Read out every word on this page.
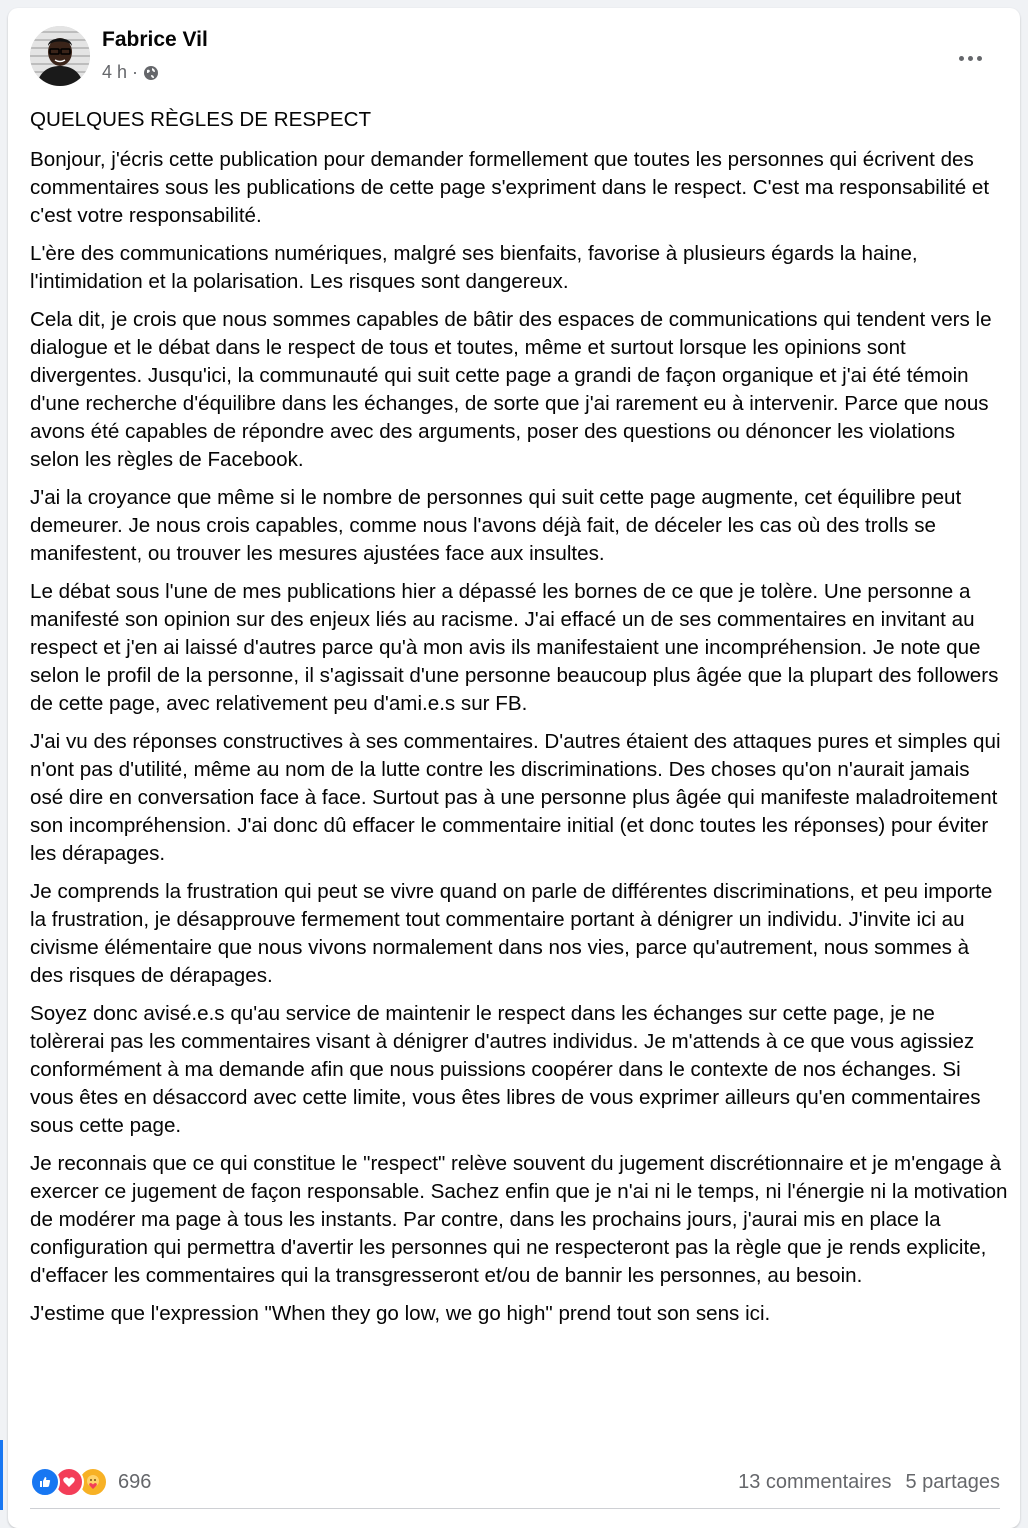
Fabrice Vil
4 h ·

QUELQUES RÈGLES DE RESPECT

Bonjour, j'écris cette publication pour demander formellement que toutes les personnes qui écrivent des commentaires sous les publications de cette page s'expriment dans le respect. C'est ma responsabilité et c'est votre responsabilité.

L'ère des communications numériques, malgré ses bienfaits, favorise à plusieurs égards la haine, l'intimidation et la polarisation. Les risques sont dangereux.

Cela dit, je crois que nous sommes capables de bâtir des espaces de communications qui tendent vers le dialogue et le débat dans le respect de tous et toutes, même et surtout lorsque les opinions sont divergentes. Jusqu'ici, la communauté qui suit cette page a grandi de façon organique et j'ai été témoin d'une recherche d'équilibre dans les échanges, de sorte que j'ai rarement eu à intervenir. Parce que nous avons été capables de répondre avec des arguments, poser des questions ou dénoncer les violations selon les règles de Facebook.

J'ai la croyance que même si le nombre de personnes qui suit cette page augmente, cet équilibre peut demeurer. Je nous crois capables, comme nous l'avons déjà fait, de déceler les cas où des trolls se manifestent, ou trouver les mesures ajustées face aux insultes.

Le débat sous l'une de mes publications hier a dépassé les bornes de ce que je tolère. Une personne a manifesté son opinion sur des enjeux liés au racisme. J'ai effacé un de ses commentaires en invitant au respect et j'en ai laissé d'autres parce qu'à mon avis ils manifestaient une incompréhension. Je note que selon le profil de la personne, il s'agissait d'une personne beaucoup plus âgée que la plupart des followers de cette page, avec relativement peu d'ami.e.s sur FB.

J'ai vu des réponses constructives à ses commentaires. D'autres étaient des attaques pures et simples qui n'ont pas d'utilité, même au nom de la lutte contre les discriminations. Des choses qu'on n'aurait jamais osé dire en conversation face à face. Surtout pas à une personne plus âgée qui manifeste maladroitement son incompréhension. J'ai donc dû effacer le commentaire initial (et donc toutes les réponses) pour éviter les dérapages.

Je comprends la frustration qui peut se vivre quand on parle de différentes discriminations, et peu importe la frustration, je désapprouve fermement tout commentaire portant à dénigrer un individu. J'invite ici au civisme élémentaire que nous vivons normalement dans nos vies, parce qu'autrement, nous sommes à des risques de dérapages.

Soyez donc avisé.e.s qu'au service de maintenir le respect dans les échanges sur cette page, je ne tolèrerai pas les commentaires visant à dénigrer d'autres individus. Je m'attends à ce que vous agissiez conformément à ma demande afin que nous puissions coopérer dans le contexte de nos échanges. Si vous êtes en désaccord avec cette limite, vous êtes libres de vous exprimer ailleurs qu'en commentaires sous cette page.

Je reconnais que ce qui constitue le "respect" relève souvent du jugement discrétionnaire et je m'engage à exercer ce jugement de façon responsable. Sachez enfin que je n'ai ni le temps, ni l'énergie ni la motivation de modérer ma page à tous les instants. Par contre, dans les prochains jours, j'aurai mis en place la configuration qui permettra d'avertir les personnes qui ne respecteront pas la règle que je rends explicite, d'effacer les commentaires qui la transgresseront et/ou de bannir les personnes, au besoin.

J'estime que l'expression "When they go low, we go high" prend tout son sens ici.

696	13 commentaires 5 partages
